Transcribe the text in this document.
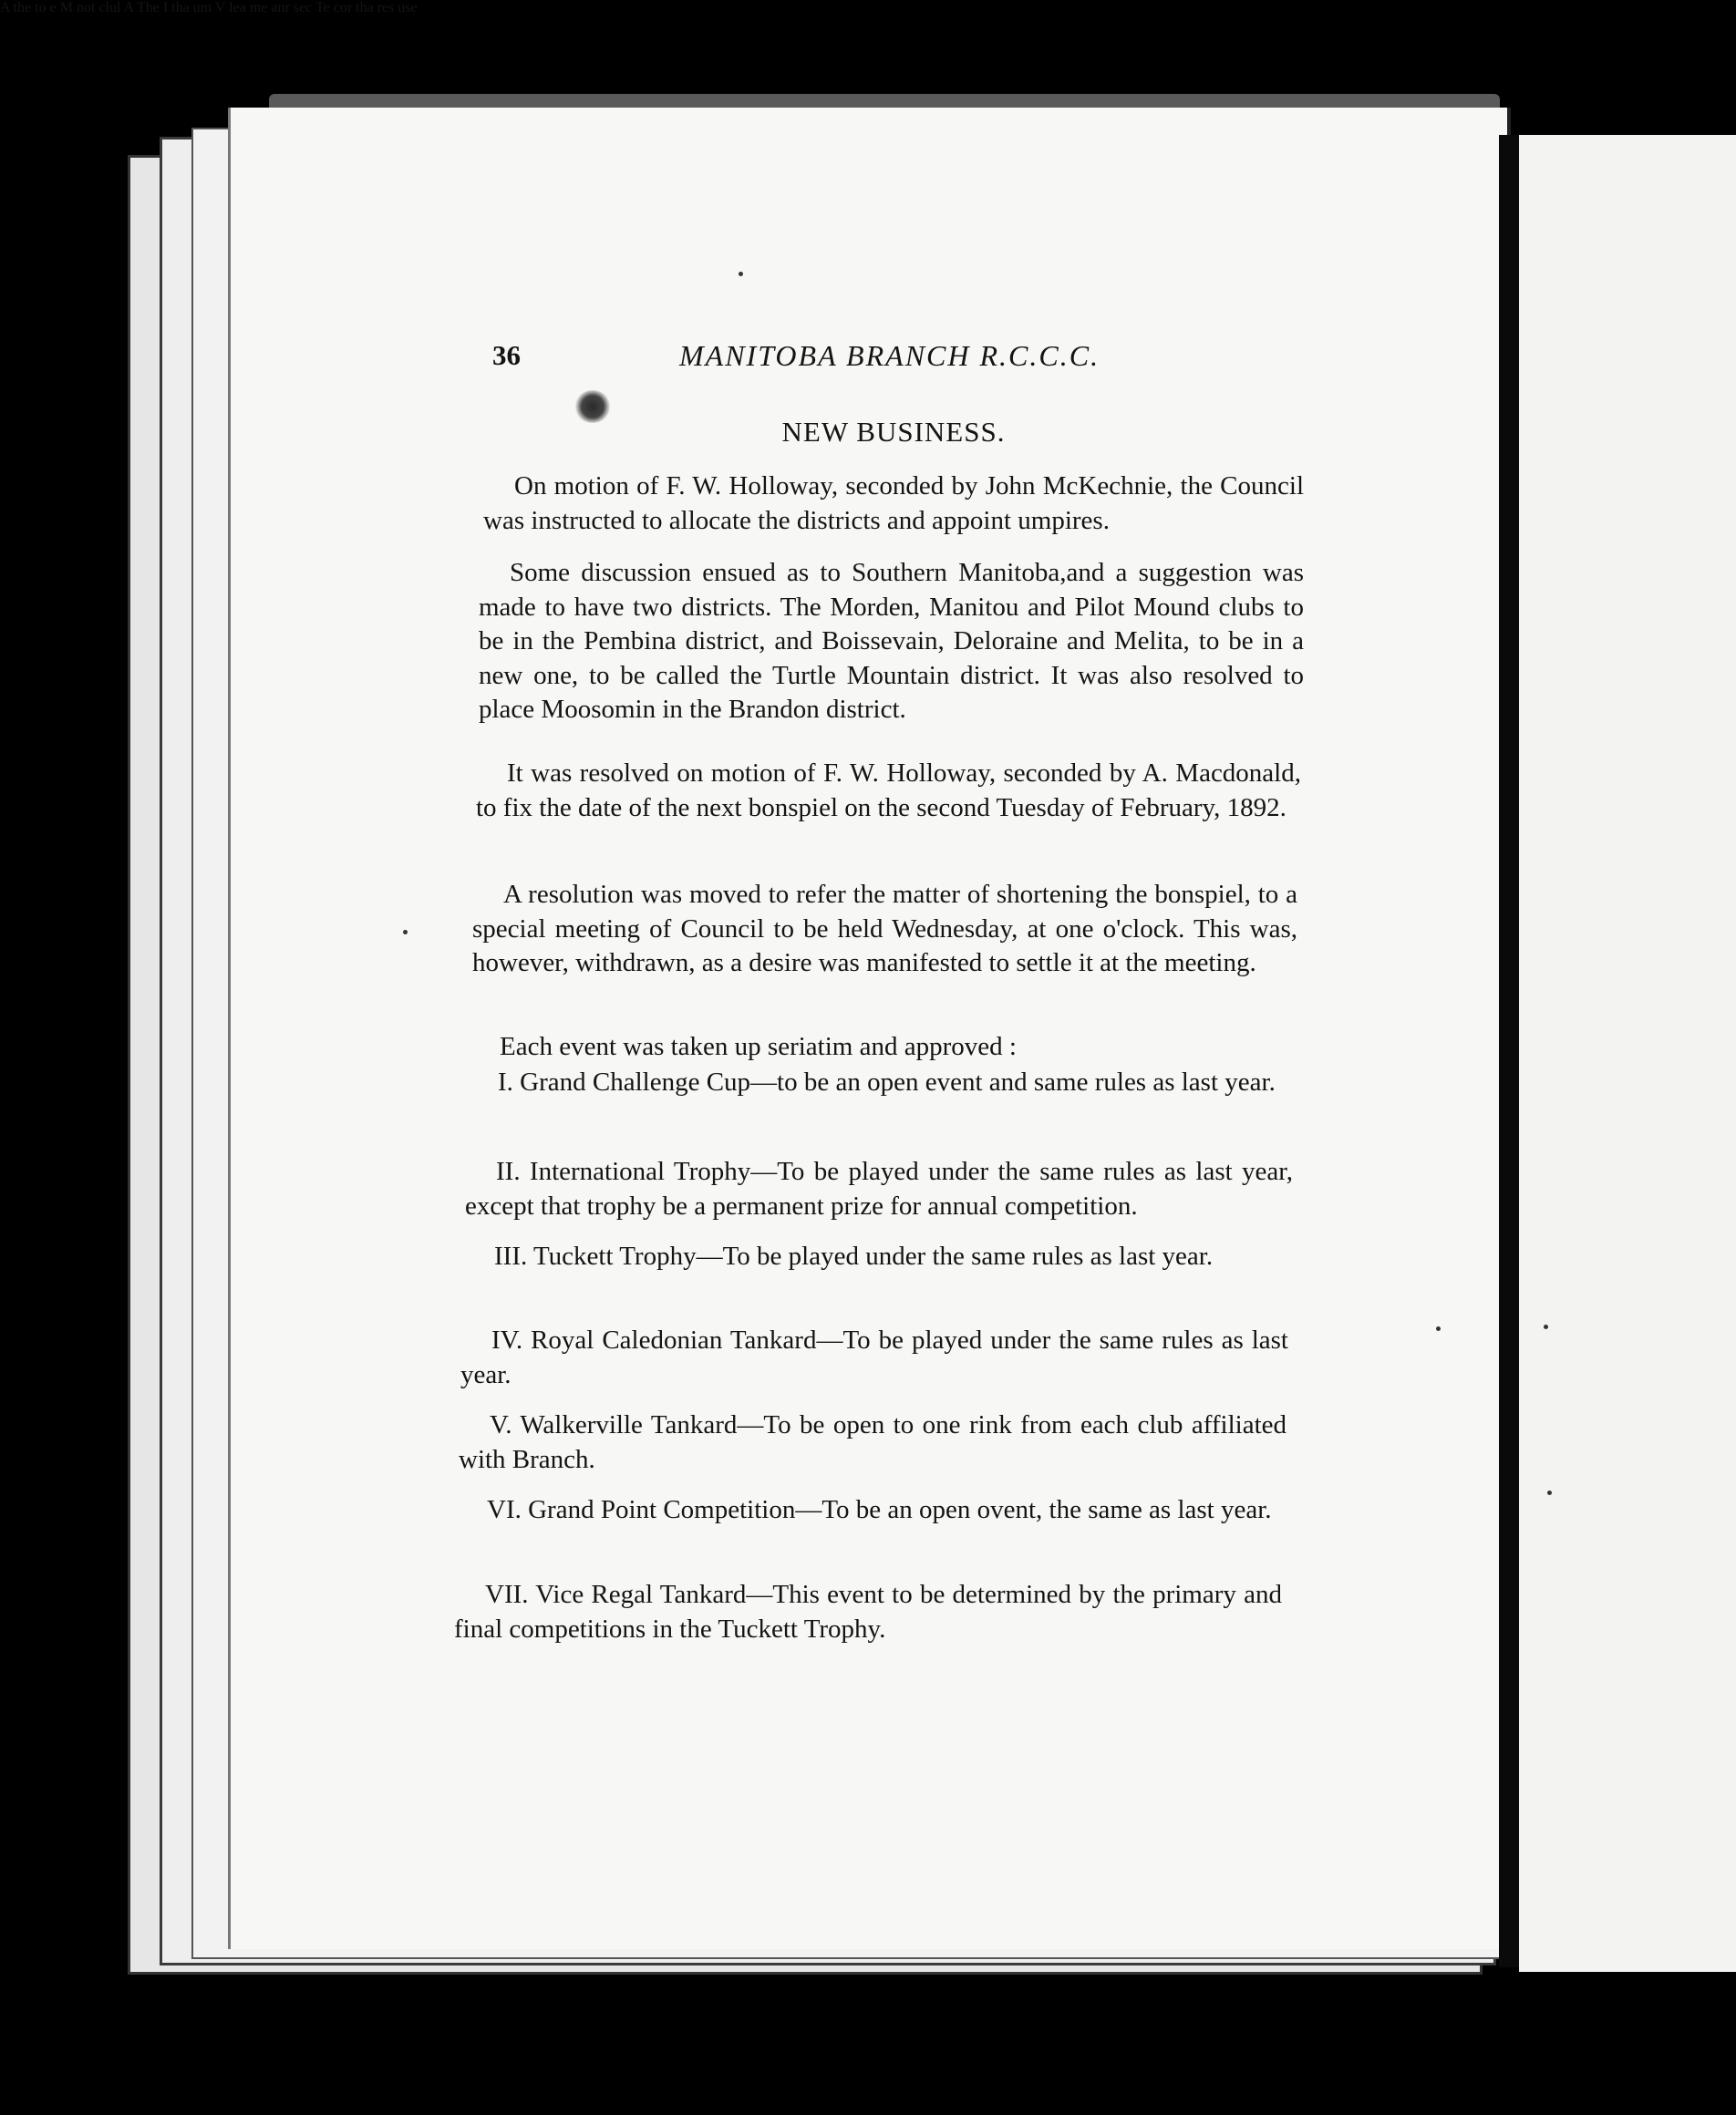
36	MANITOBA BRANCH R.C.C.C.
NEW BUSINESS.
On motion of F. W. Holloway, seconded by John McKechnie, the Council was instructed to allocate the districts and appoint umpires.
Some discussion ensued as to Southern Manitoba,and a suggestion was made to have two districts. The Morden, Manitou and Pilot Mound clubs to be in the Pembina district, and Boissevain, Deloraine and Melita, to be in a new one, to be called the Turtle Mountain district. It was also resolved to place Moosomin in the Brandon district.
It was resolved on motion of F. W. Holloway, seconded by A. Macdonald, to fix the date of the next bonspiel on the second Tuesday of February, 1892.
A resolution was moved to refer the matter of shortening the bonspiel, to a special meeting of Council to be held Wednesday, at one o'clock. This was, however, withdrawn, as a desire was manifested to settle it at the meeting.
Each event was taken up seriatim and approved :
I. Grand Challenge Cup—to be an open event and same rules as last year.
II. International Trophy—To be played under the same rules as last year, except that trophy be a permanent prize for annual competition.
III. Tuckett Trophy—To be played under the same rules as last year.
IV. Royal Caledonian Tankard—To be played under the same rules as last year.
V. Walkerville Tankard—To be open to one rink from each club affiliated with Branch.
VI. Grand Point Competition—To be an open ovent, the same as last year.
VII. Vice Regal Tankard—This event to be determined by the primary and final competitions in the Tuckett Trophy.
A the to e M not clul A The I tha um V lea me anr sec Te cor tha res use
